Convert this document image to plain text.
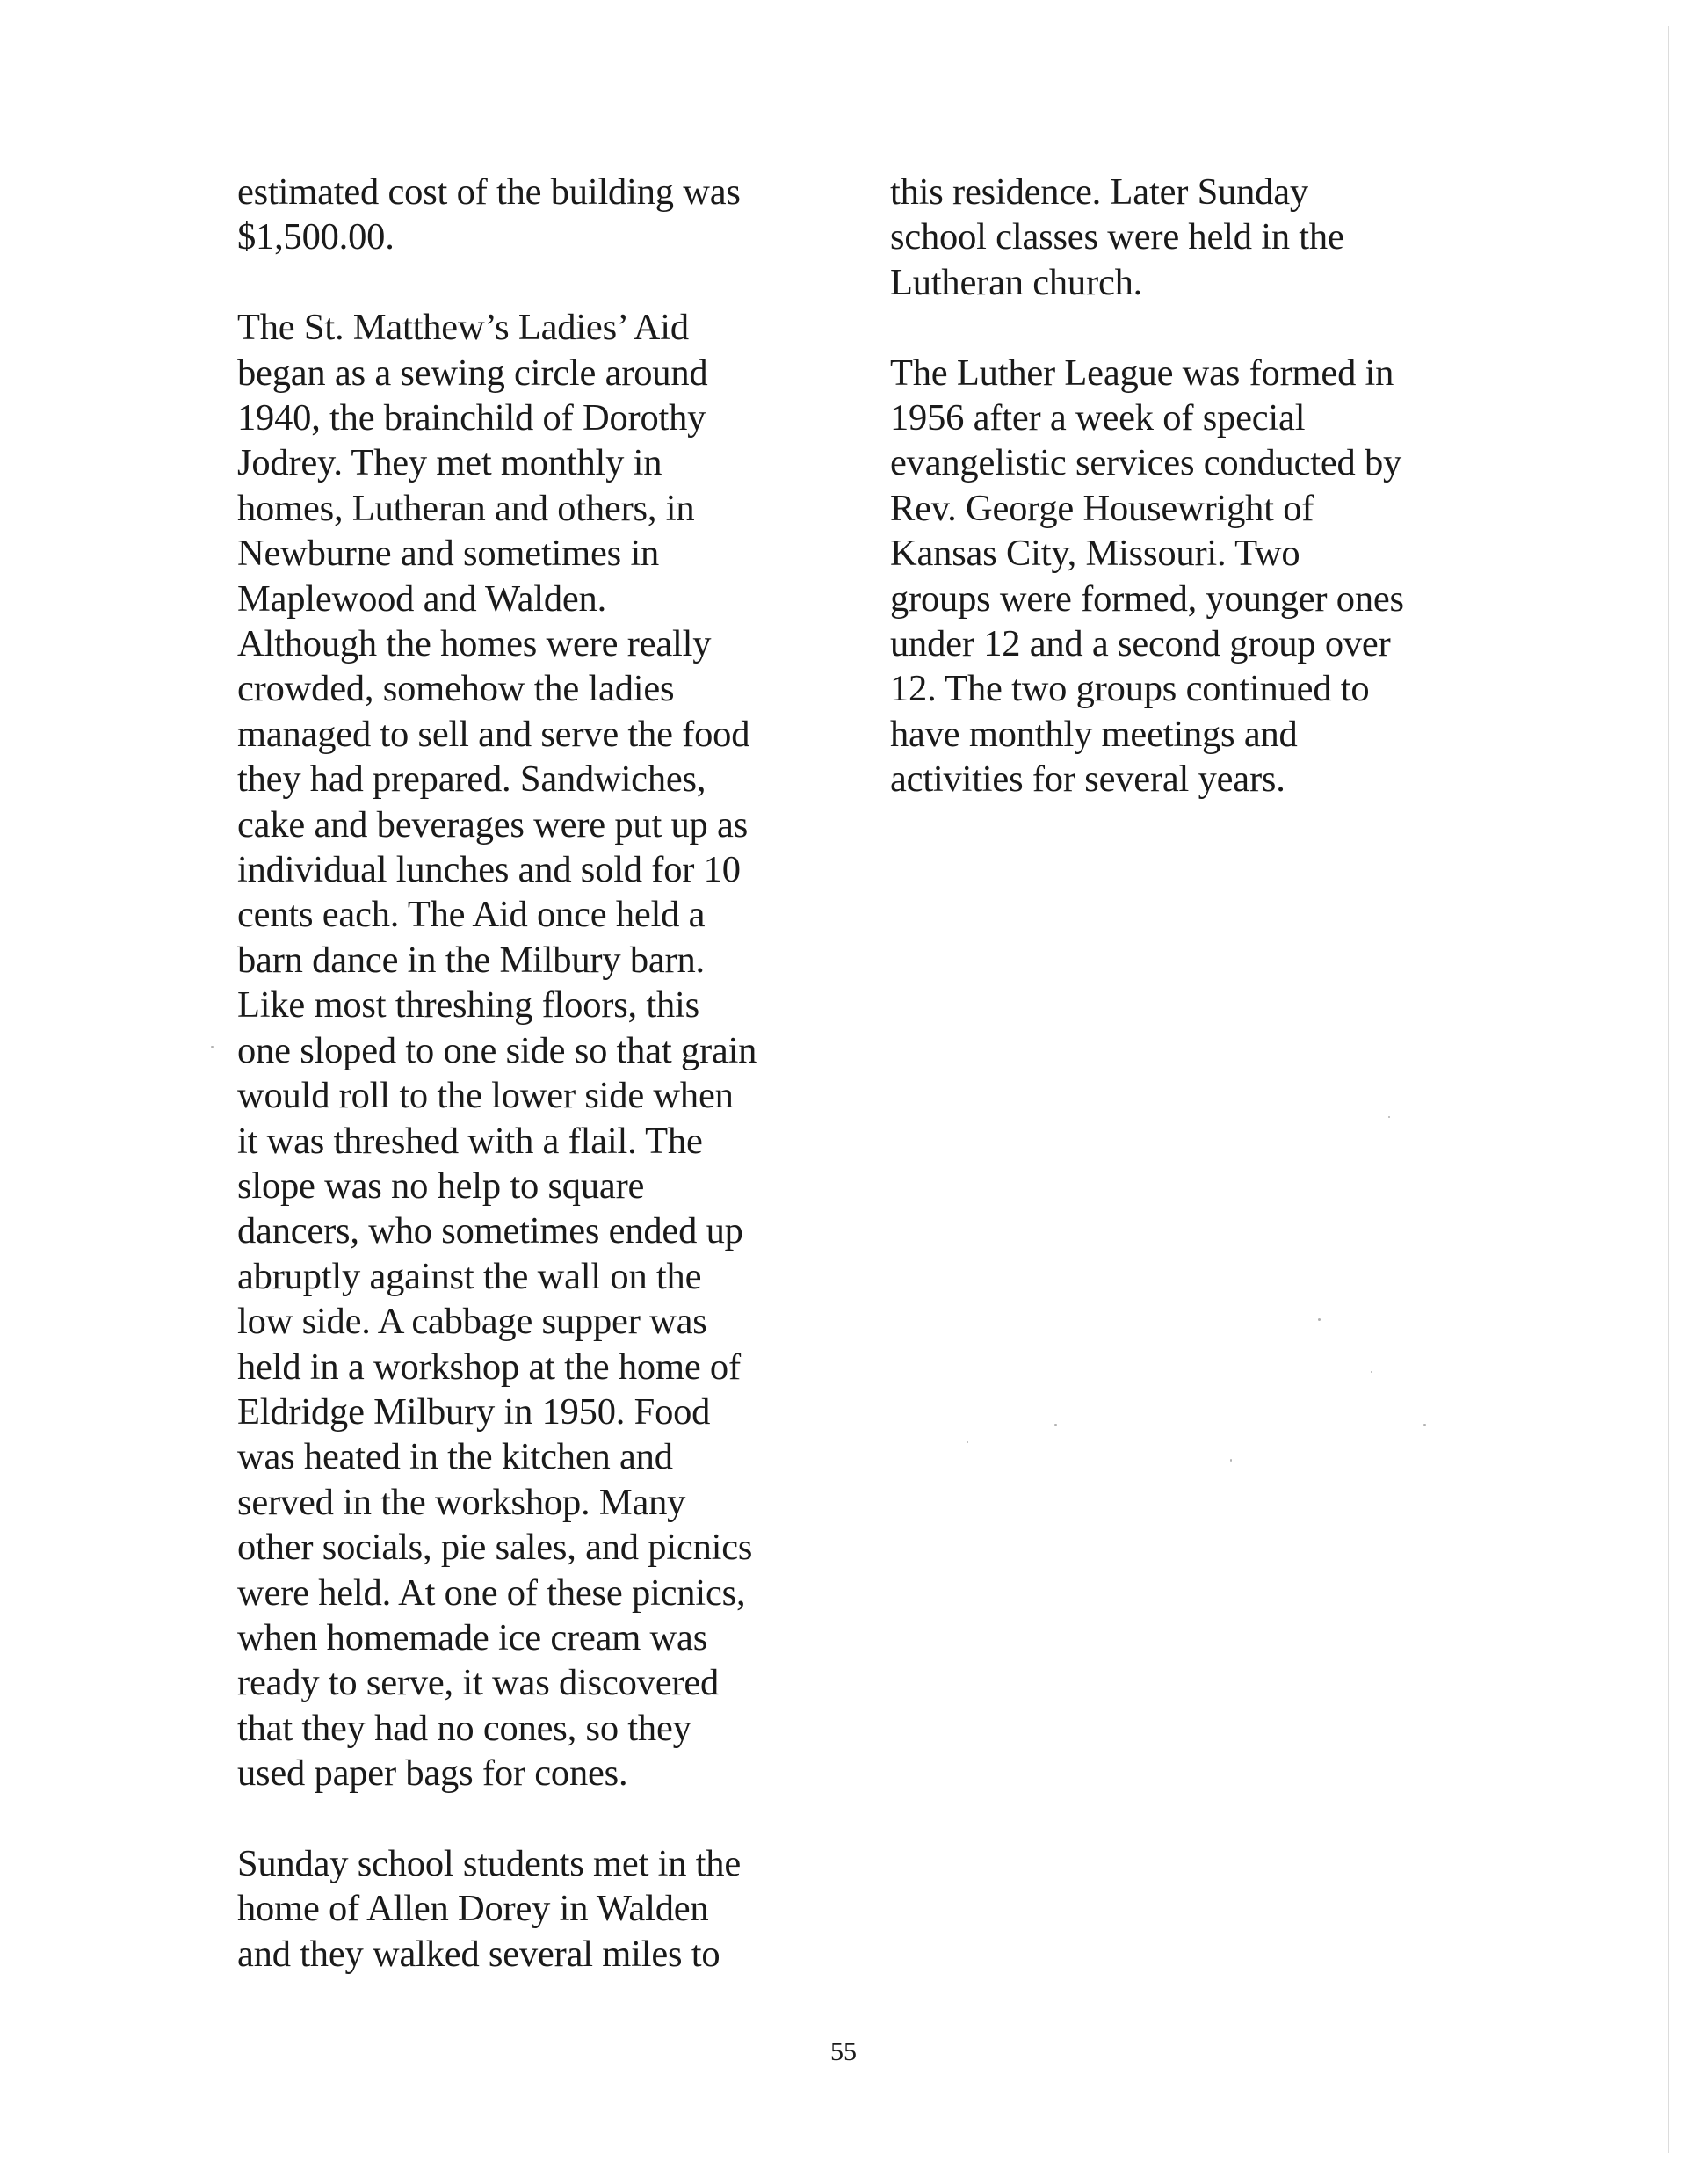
estimated cost of the building was
$1,500.00.
The St. Matthew’s Ladies’ Aid
began as a sewing circle around
1940, the brainchild of Dorothy
Jodrey. They met monthly in
homes, Lutheran and others, in
Newburne and sometimes in
Maplewood and Walden.
Although the homes were really
crowded, somehow the ladies
managed to sell and serve the food
they had prepared. Sandwiches,
cake and beverages were put up as
individual lunches and sold for 10
cents each. The Aid once held a
barn dance in the Milbury barn.
Like most threshing floors, this
one sloped to one side so that grain
would roll to the lower side when
it was threshed with a flail. The
slope was no help to square
dancers, who sometimes ended up
abruptly against the wall on the
low side. A cabbage supper was
held in a workshop at the home of
Eldridge Milbury in 1950. Food
was heated in the kitchen and
served in the workshop. Many
other socials, pie sales, and picnics
were held. At one of these picnics,
when homemade ice cream was
ready to serve, it was discovered
that they had no cones, so they
used paper bags for cones.
Sunday school students met in the
home of Allen Dorey in Walden
and they walked several miles to
this residence. Later Sunday
school classes were held in the
Lutheran church.
The Luther League was formed in
1956 after a week of special
evangelistic services conducted by
Rev. George Housewright of
Kansas City, Missouri. Two
groups were formed, younger ones
under 12 and a second group over
12. The two groups continued to
have monthly meetings and
activities for several years.
55
